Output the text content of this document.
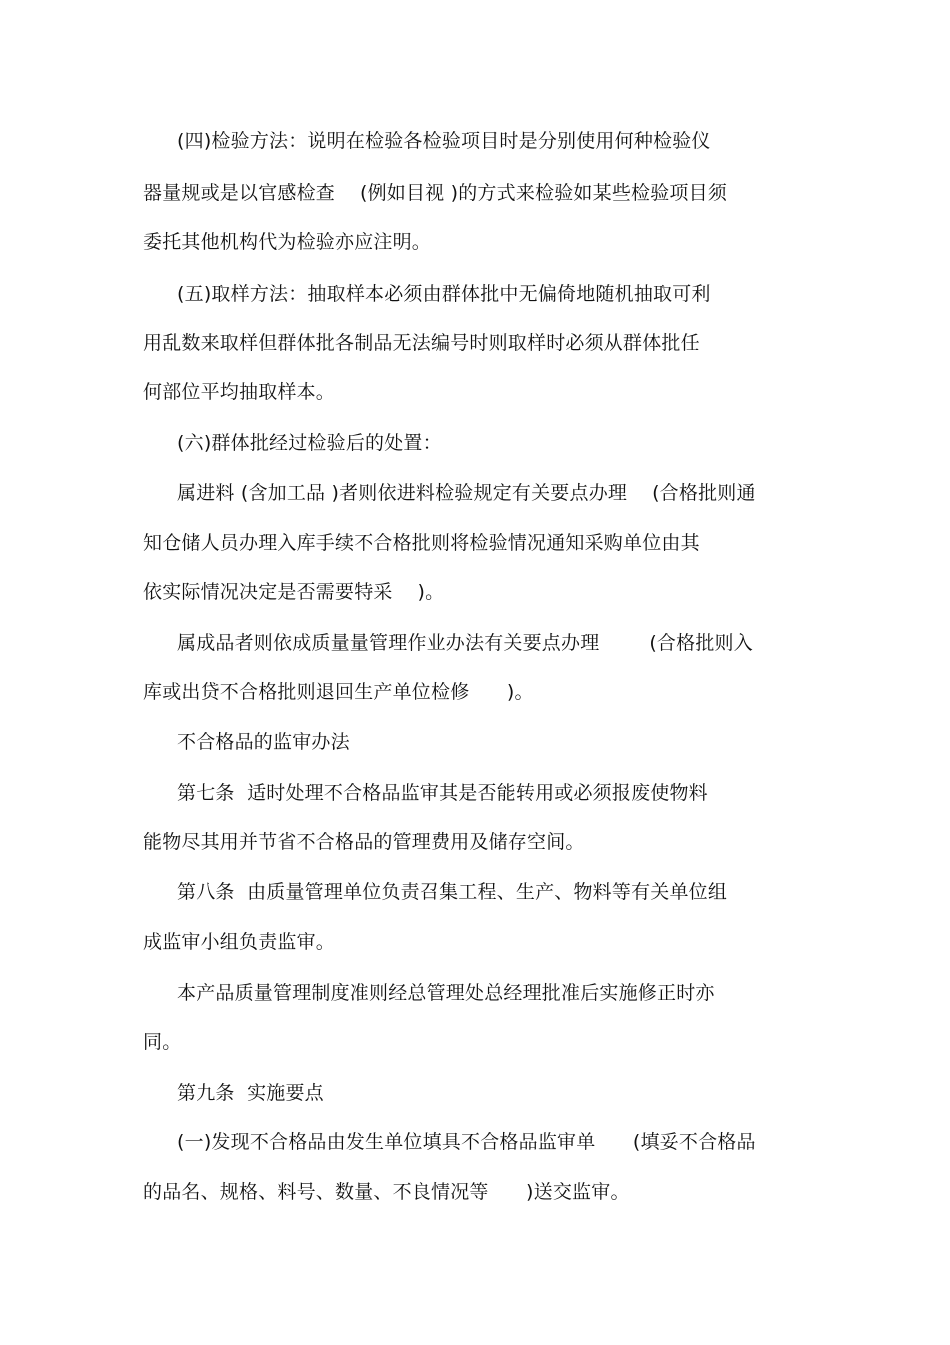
(四)检验方法：说明在检验各检验项目时是分别使用何种检验仪
器量规或是以官感检查    (例如目视 )的方式来检验如某些检验项目须
委托其他机构代为检验亦应注明。
(五)取样方法：抽取样本必须由群体批中无偏倚地随机抽取可利
用乱数来取样但群体批各制品无法编号时则取样时必须从群体批任
何部位平均抽取样本。
(六)群体批经过检验后的处置：
属进料 (含加工品 )者则依进料检验规定有关要点办理    (合格批则通
知仓储人员办理入库手续不合格批则将检验情况通知采购单位由其
依实际情况决定是否需要特采    )。
属成品者则依成质量量管理作业办法有关要点办理        (合格批则入
库或出贷不合格批则退回生产单位检修      )。
不合格品的监审办法
第七条  适时处理不合格品监审其是否能转用或必须报废使物料
能物尽其用并节省不合格品的管理费用及储存空间。
第八条  由质量管理单位负责召集工程、生产、物料等有关单位组
成监审小组负责监审。
本产品质量管理制度准则经总管理处总经理批准后实施修正时亦
同。
第九条  实施要点
(一)发现不合格品由发生单位填具不合格品监审单      (填妥不合格品
的品名、规格、料号、数量、不良情况等      )送交监审。
